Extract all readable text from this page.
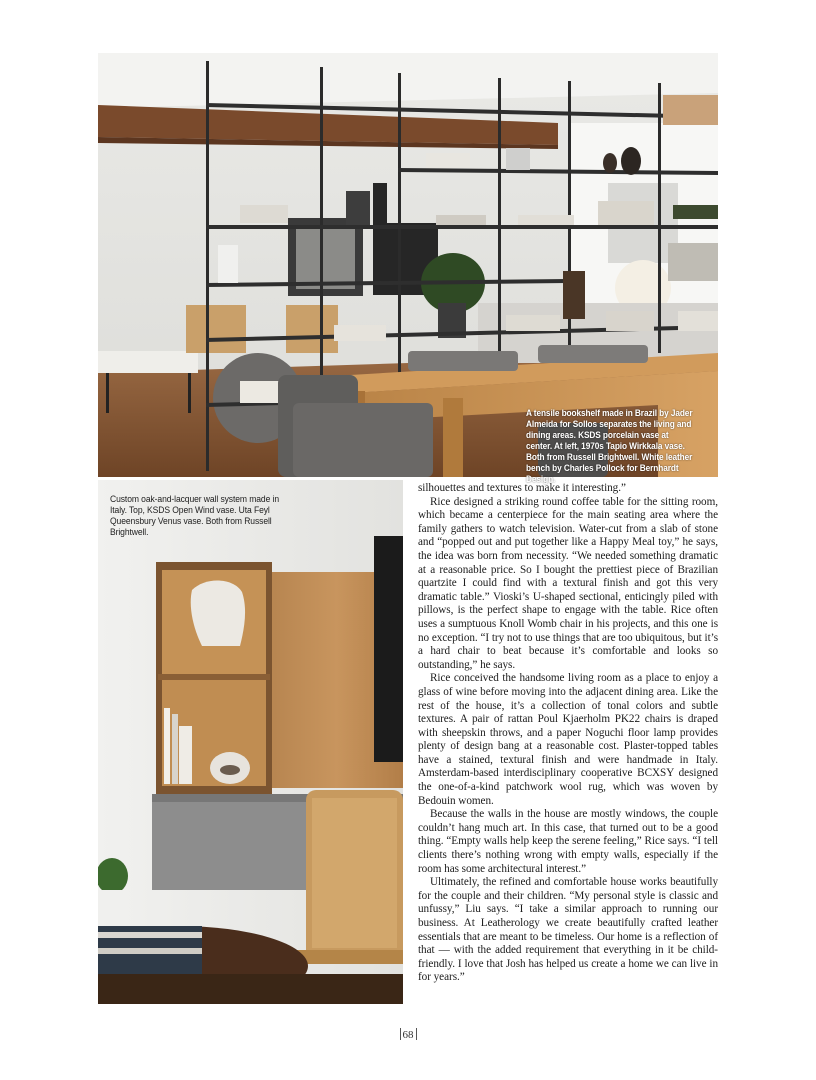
A tensile bookshelf made in Brazil by Jader Almeida for Sollos separates the living and dining areas. KSDS porcelain vase at center. At left, 1970s Tapio Wirkkala vase. Both from Russell Brightwell. White leather bench by Charles Pollock for Bernhardt Design.
Custom oak-and-lacquer wall system made in Italy. Top, KSDS Open Wind vase. Uta Feyl Queensbury Venus vase. Both from Russell Brightwell.

silhouettes and textures to make it interesting.”

Rice designed a striking round coffee table for the sitting room, which became a centerpiece for the main seating area where the family gathers to watch television. Water-cut from a slab of stone and “popped out and put together like a Happy Meal toy,” he says, the idea was born from necessity. “We needed something dramatic at a reasonable price. So I bought the prettiest piece of Brazilian quartzite I could find with a textural finish and got this very dramatic table.” Vioski’s U-shaped sectional, enticingly piled with pillows, is the perfect shape to engage with the table. Rice often uses a sumptuous Knoll Womb chair in his projects, and this one is no exception. “I try not to use things that are too ubiquitous, but it’s a hard chair to beat because it’s comfortable and looks so outstanding,” he says.

Rice conceived the handsome living room as a place to enjoy a glass of wine before moving into the adjacent dining area. Like the rest of the house, it’s a collection of tonal colors and subtle textures. A pair of rattan Poul Kjaerholm PK22 chairs is draped with sheepskin throws, and a paper Noguchi floor lamp provides plenty of design bang at a reasonable cost. Plaster-topped tables have a stained, textural finish and were handmade in Italy. Amsterdam-based interdisciplinary cooperative BCXSY designed the one-of-a-kind patchwork wool rug, which was woven by Bedouin women.

Because the walls in the house are mostly windows, the couple couldn’t hang much art. In this case, that turned out to be a good thing. “Empty walls help keep the serene feeling,” Rice says. “I tell clients there’s nothing wrong with empty walls, especially if the room has some architectural interest.”

Ultimately, the refined and comfortable house works beautifully for the couple and their children. “My personal style is classic and unfussy,” Liu says. “I take a similar approach to running our business. At Leatherology we create beautifully crafted leather essentials that are meant to be timeless. Our home is a reflection of that — with the added requirement that everything in it be child-friendly. I love that Josh has helped us create a home we can live in for years.”

68
